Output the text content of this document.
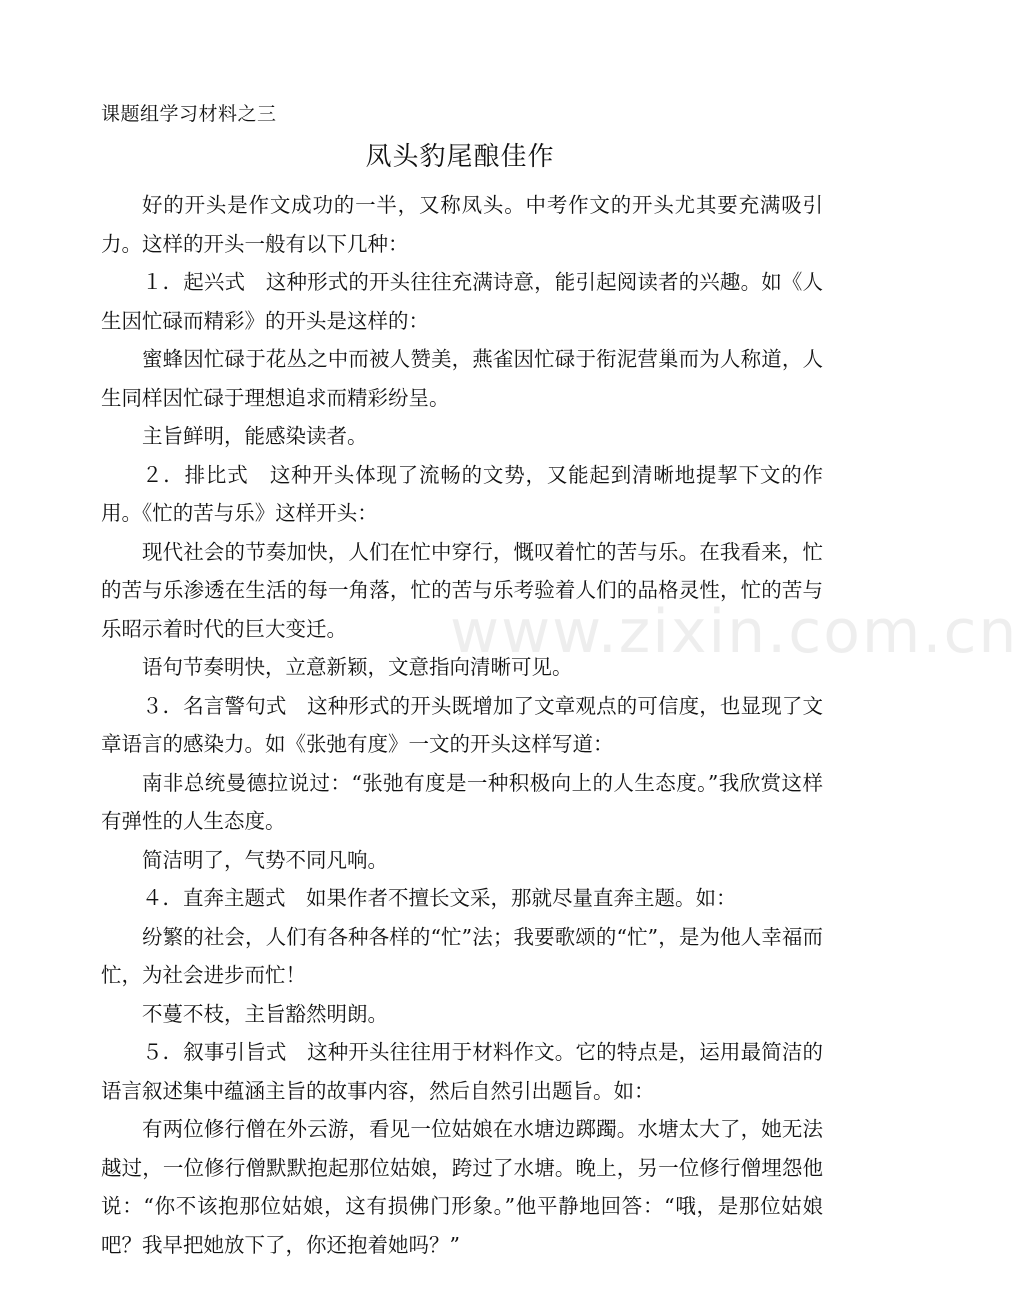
课题组学习材料之三
凤头豹尾酿佳作

好的开头是作文成功的一半，又称凤头。中考作文的开头尤其要充满吸引力。这样的开头一般有以下几种：

１．起兴式　这种形式的开头往往充满诗意，能引起阅读者的兴趣。如《人生因忙碌而精彩》的开头是这样的：

蜜蜂因忙碌于花丛之中而被人赞美，燕雀因忙碌于衔泥营巢而为人称道，人生同样因忙碌于理想追求而精彩纷呈。

主旨鲜明，能感染读者。

２．排比式　这种开头体现了流畅的文势，又能起到清晰地提挈下文的作用。《忙的苦与乐》这样开头：

现代社会的节奏加快，人们在忙中穿行，慨叹着忙的苦与乐。在我看来，忙的苦与乐渗透在生活的每一角落，忙的苦与乐考验着人们的品格灵性，忙的苦与乐昭示着时代的巨大变迁。

语句节奏明快，立意新颖，文意指向清晰可见。

３．名言警句式　这种形式的开头既增加了文章观点的可信度，也显现了文章语言的感染力。如《张弛有度》一文的开头这样写道：

南非总统曼德拉说过：“张弛有度是一种积极向上的人生态度。”我欣赏这样有弹性的人生态度。

简洁明了，气势不同凡响。

４．直奔主题式　如果作者不擅长文采，那就尽量直奔主题。如：

纷繁的社会，人们有各种各样的“忙”法；我要歌颂的“忙”，是为他人幸福而忙，为社会进步而忙！

不蔓不枝，主旨豁然明朗。

５．叙事引旨式　这种开头往往用于材料作文。它的特点是，运用最简洁的语言叙述集中蕴涵主旨的故事内容，然后自然引出题旨。如：

有两位修行僧在外云游，看见一位姑娘在水塘边踯躅。水塘太大了，她无法越过，一位修行僧默默抱起那位姑娘，跨过了水塘。晚上，另一位修行僧埋怨他说：“你不该抱那位姑娘，这有损佛门形象。”他平静地回答：“哦，是那位姑娘吧？我早把她放下了，你还抱着她吗？”

www.zixin.com.cn
